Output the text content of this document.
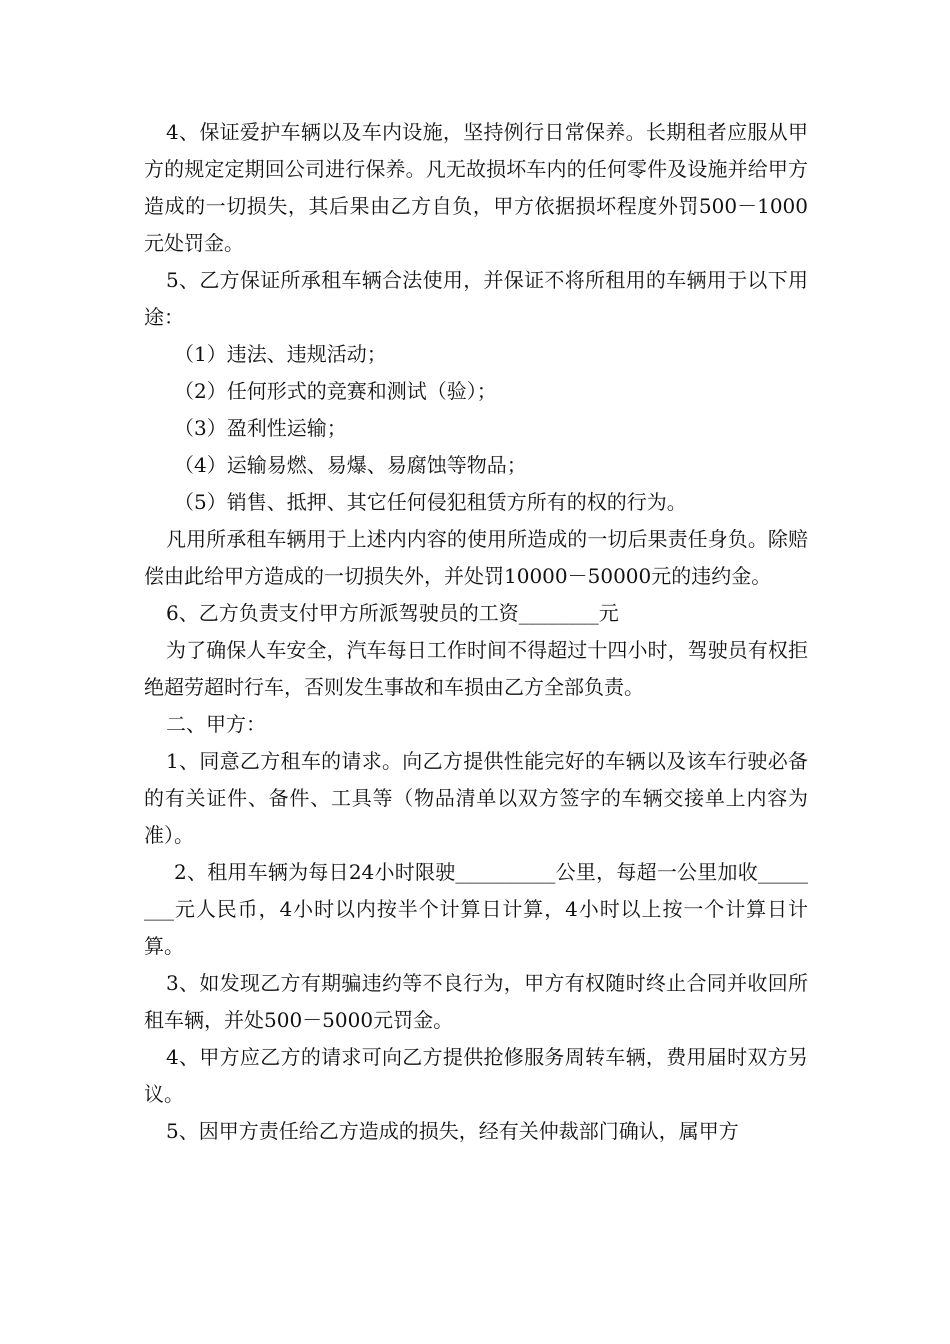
4、保证爱护车辆以及车内设施，坚持例行日常保养。长期租者应服从甲方的规定定期回公司进行保养。凡无故损坏车内的任何零件及设施并给甲方造成的一切损失，其后果由乙方自负，甲方依据损坏程度外罚500－1000元处罚金。

5、乙方保证所承租车辆合法使用，并保证不将所租用的车辆用于以下用途：

（1）违法、违规活动；

（2）任何形式的竞赛和测试（验）；

（3）盈利性运输；

（4）运输易燃、易爆、易腐蚀等物品；

（5）销售、抵押、其它任何侵犯租赁方所有的权的行为。

凡用所承租车辆用于上述内内容的使用所造成的一切后果责任身负。除赔偿由此给甲方造成的一切损失外，并处罚10000－50000元的违约金。

6、乙方负责支付甲方所派驾驶员的工资________元

为了确保人车安全，汽车每日工作时间不得超过十四小时，驾驶员有权拒绝超劳超时行车，否则发生事故和车损由乙方全部负责。

二、甲方：

1、同意乙方租车的请求。向乙方提供性能完好的车辆以及该车行驶必备的有关证件、备件、工具等（物品清单以双方签字的车辆交接单上内容为准）。

2、租用车辆为每日24小时限驶__________公里，每超一公里加收________元人民币，4小时以内按半个计算日计算，4小时以上按一个计算日计算。

3、如发现乙方有期骗违约等不良行为，甲方有权随时终止合同并收回所租车辆，并处500－5000元罚金。

4、甲方应乙方的请求可向乙方提供抢修服务周转车辆，费用届时双方另议。

5、因甲方责任给乙方造成的损失，经有关仲裁部门确认，属甲方
